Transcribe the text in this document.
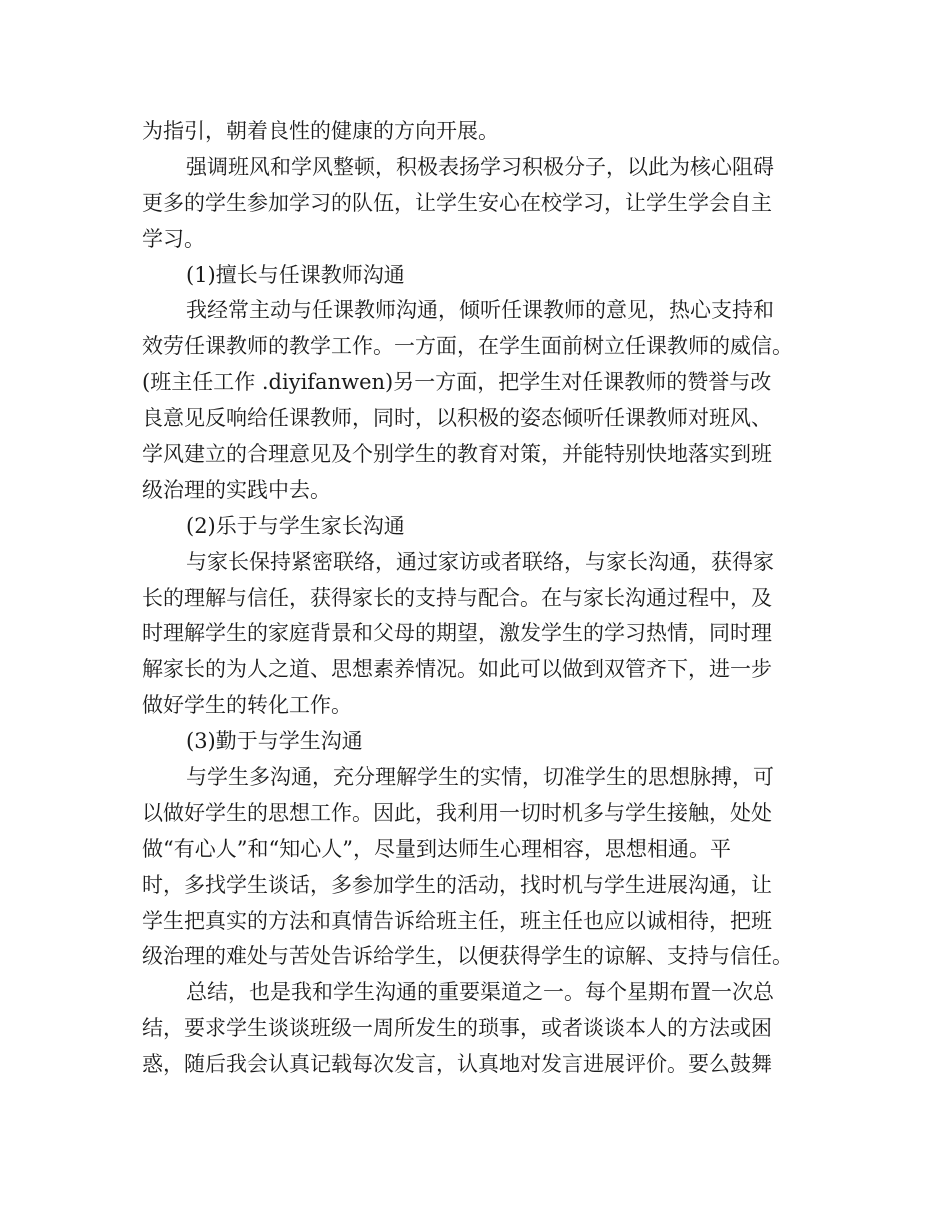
为指引，朝着良性的健康的方向开展。
强调班风和学风整顿，积极表扬学习积极分子，以此为核心阻碍
更多的学生参加学习的队伍，让学生安心在校学习，让学生学会自主
学习。
(1)擅长与任课教师沟通
我经常主动与任课教师沟通，倾听任课教师的意见，热心支持和
效劳任课教师的教学工作。一方面，在学生面前树立任课教师的威信。
(班主任工作 .diyifanwen)另一方面，把学生对任课教师的赞誉与改
良意见反响给任课教师，同时，以积极的姿态倾听任课教师对班风、
学风建立的合理意见及个别学生的教育对策，并能特别快地落实到班
级治理的实践中去。
(2)乐于与学生家长沟通
与家长保持紧密联络，通过家访或者联络，与家长沟通，获得家
长的理解与信任，获得家长的支持与配合。在与家长沟通过程中，及
时理解学生的家庭背景和父母的期望，激发学生的学习热情，同时理
解家长的为人之道、思想素养情况。如此可以做到双管齐下，进一步
做好学生的转化工作。
(3)勤于与学生沟通
与学生多沟通，充分理解学生的实情，切准学生的思想脉搏，可
以做好学生的思想工作。因此，我利用一切时机多与学生接触，处处
做“有心人”和“知心人”，尽量到达师生心理相容，思想相通。平
时，多找学生谈话，多参加学生的活动，找时机与学生进展沟通，让
学生把真实的方法和真情告诉给班主任，班主任也应以诚相待，把班
级治理的难处与苦处告诉给学生，以便获得学生的谅解、支持与信任。
总结，也是我和学生沟通的重要渠道之一。每个星期布置一次总
结，要求学生谈谈班级一周所发生的琐事，或者谈谈本人的方法或困
惑，随后我会认真记载每次发言，认真地对发言进展评价。要么鼓舞
